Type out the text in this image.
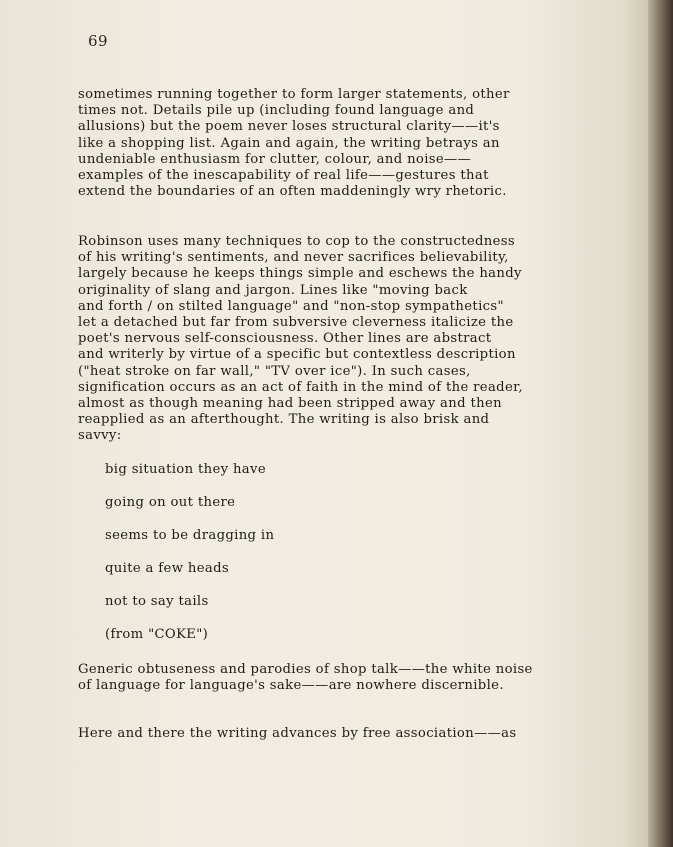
69
sometimes running together to form larger statements, other
times not. Details pile up (including found language and
allusions) but the poem never loses structural clarity——it's
like a shopping list. Again and again, the writing betrays an
undeniable enthusiasm for clutter, colour, and noise——
examples of the inescapability of real life——gestures that
extend the boundaries of an often maddeningly wry rhetoric.
Robinson uses many techniques to cop to the constructedness
of his writing's sentiments, and never sacrifices believability,
largely because he keeps things simple and eschews the handy
originality of slang and jargon. Lines like "moving back
and forth / on stilted language" and "non-stop sympathetics"
let a detached but far from subversive cleverness italicize the
poet's nervous self-consciousness. Other lines are abstract
and writerly by virtue of a specific but contextless description
("heat stroke on far wall," "TV over ice"). In such cases,
signification occurs as an act of faith in the mind of the reader,
almost as though meaning had been stripped away and then
reapplied as an afterthought. The writing is also brisk and
savvy:
big situation they have
going on out there
seems to be dragging in
quite a few heads
not to say tails
(from "COKE")
Generic obtuseness and parodies of shop talk——the white noise
of language for language's sake——are nowhere discernible.
Here and there the writing advances by free association——as
